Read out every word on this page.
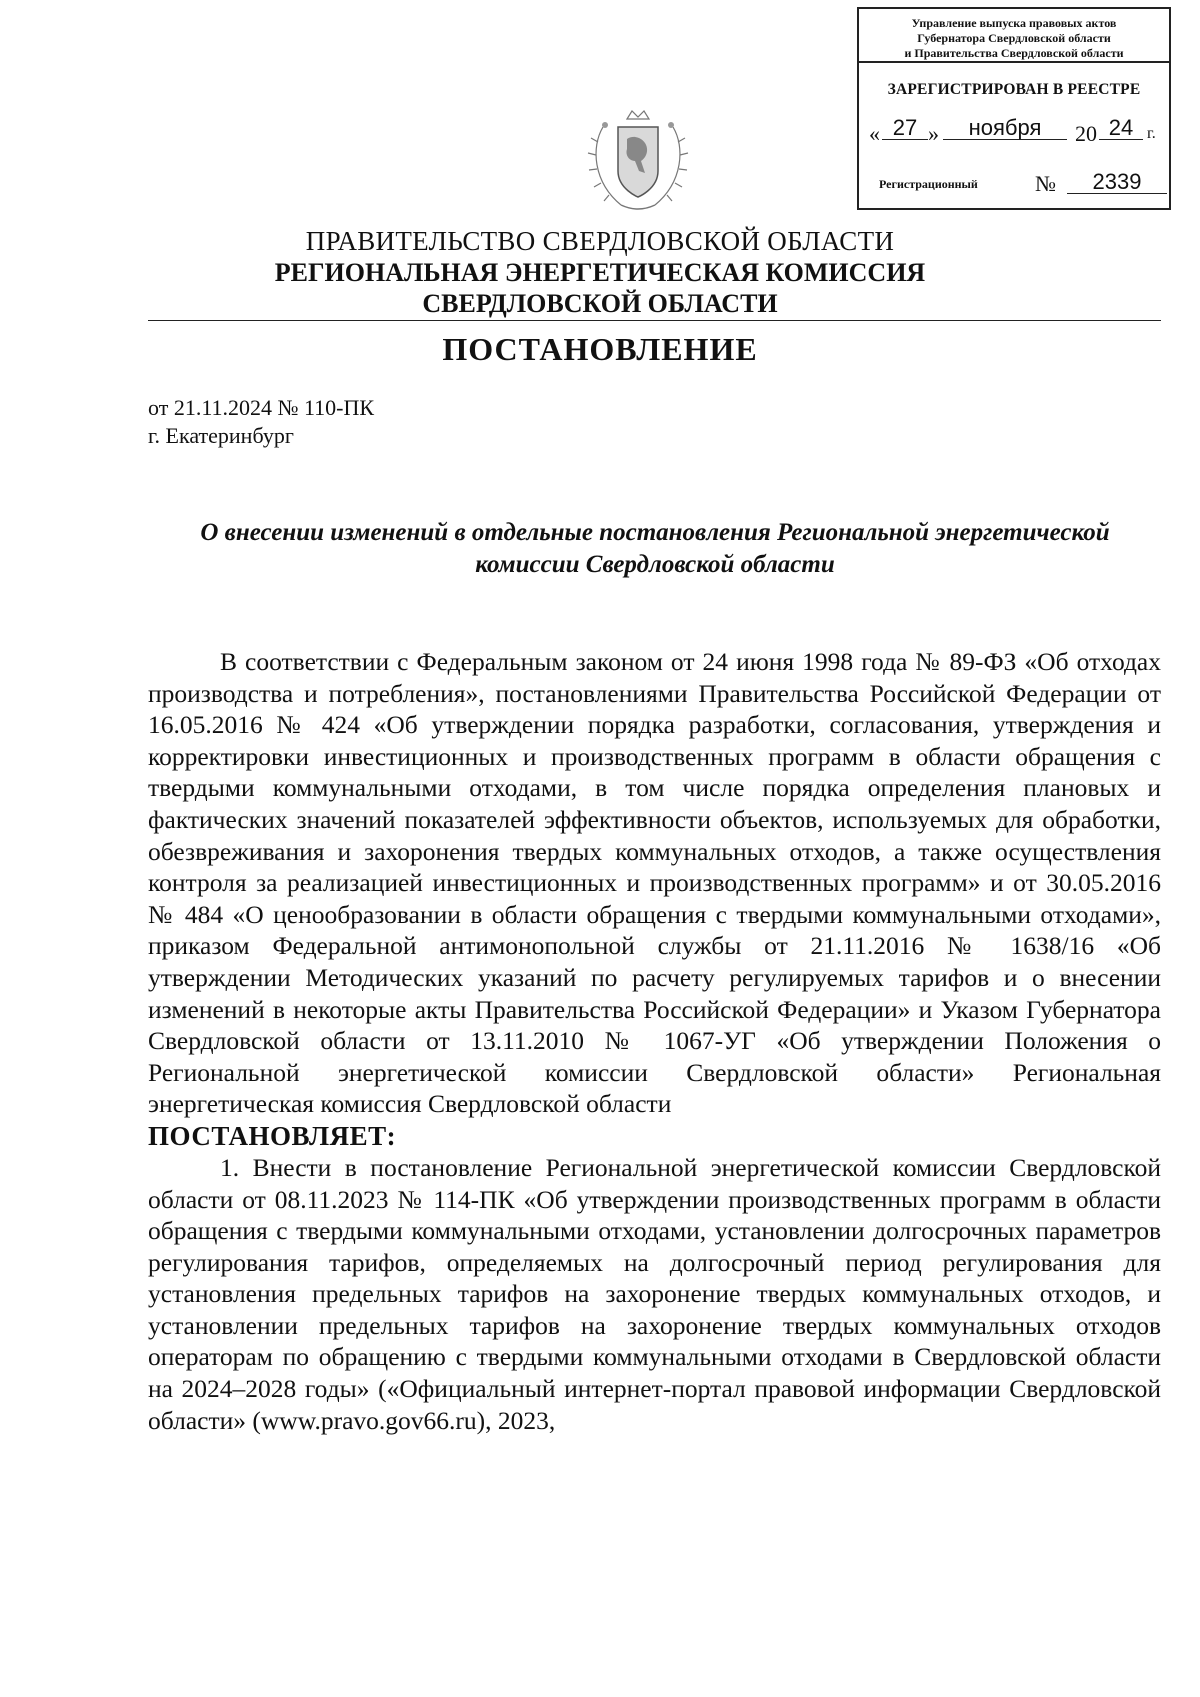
Управление выпуска правовых актов
Губернатора Свердловской области
и Правительства Свердловской области
ЗАРЕГИСТРИРОВАН В РЕЕСТРЕ
« 27 »	ноября	20 24 г.
Регистрационный	№	2339
ПРАВИТЕЛЬСТВО СВЕРДЛОВСКОЙ ОБЛАСТИ
РЕГИОНАЛЬНАЯ ЭНЕРГЕТИЧЕСКАЯ КОМИССИЯ
СВЕРДЛОВСКОЙ ОБЛАСТИ
ПОСТАНОВЛЕНИЕ
от 21.11.2024 № 110-ПК
г. Екатеринбург
О внесении изменений в отдельные постановления Региональной энергетической комиссии Свердловской области

В соответствии с Федеральным законом от 24 июня 1998 года № 89-ФЗ «Об отходах производства и потребления», постановлениями Правительства Российской Федерации от 16.05.2016 № 424 «Об утверждении порядка разработки, согласования, утверждения и корректировки инвестиционных и производственных программ в области обращения с твердыми коммунальными отходами, в том числе порядка определения плановых и фактических значений показателей эффективности объектов, используемых для обработки, обезвреживания и захоронения твердых коммунальных отходов, а также осуществления контроля за реализацией инвестиционных и производственных программ» и от 30.05.2016 № 484 «О ценообразовании в области обращения с твердыми коммунальными отходами», приказом Федеральной антимонопольной службы от 21.11.2016 № 1638/16 «Об утверждении Методических указаний по расчету регулируемых тарифов и о внесении изменений в некоторые акты Правительства Российской Федерации» и Указом Губернатора Свердловской области от 13.11.2010 № 1067-УГ «Об утверждении Положения о Региональной энергетической комиссии Свердловской области» Региональная энергетическая комиссия Свердловской области

ПОСТАНОВЛЯЕТ:

1. Внести в постановление Региональной энергетической комиссии Свердловской области от 08.11.2023 № 114-ПК «Об утверждении производственных программ в области обращения с твердыми коммунальными отходами, установлении долгосрочных параметров регулирования тарифов, определяемых на долгосрочный период регулирования для установления предельных тарифов на захоронение твердых коммунальных отходов, и установлении предельных тарифов на захоронение твердых коммунальных отходов операторам по обращению с твердыми коммунальными отходами в Свердловской области на 2024–2028 годы» («Официальный интернет-портал правовой информации Свердловской области» (www.pravo.gov66.ru), 2023,
